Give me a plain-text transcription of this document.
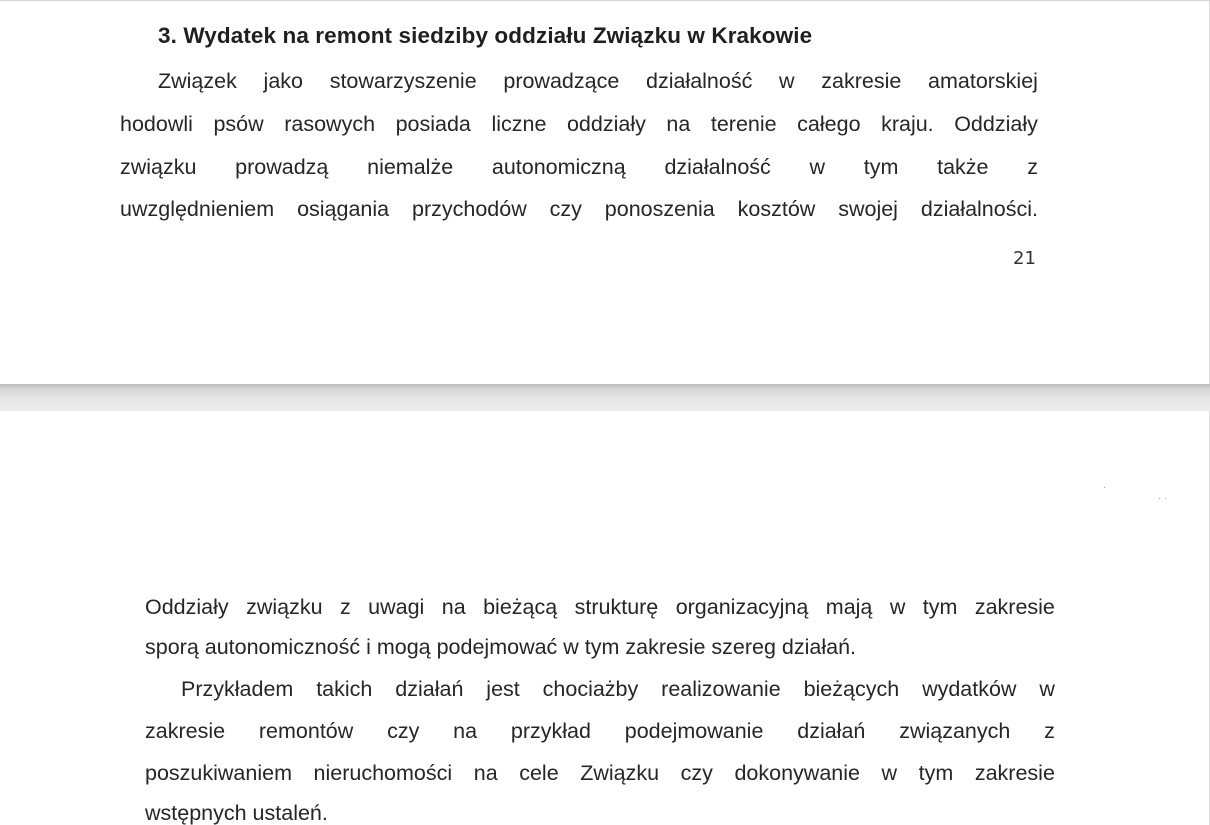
3. Wydatek na remont siedziby oddziału Związku w Krakowie
Związek jako stowarzyszenie prowadzące działalność w zakresie amatorskiej
hodowli psów rasowych posiada liczne oddziały na terenie całego kraju. Oddziały
związku prowadzą niemalże autonomiczną działalność w tym także z
uwzględnieniem osiągania przychodów czy ponoszenia kosztów swojej działalności.
21
·
· ·
Oddziały związku z uwagi na bieżącą strukturę organizacyjną mają w tym zakresie
sporą autonomiczność i mogą podejmować w tym zakresie szereg działań.
Przykładem takich działań jest chociażby realizowanie bieżących wydatków w
zakresie remontów czy na przykład podejmowanie działań związanych z
poszukiwaniem nieruchomości na cele Związku czy dokonywanie w tym zakresie
wstępnych ustaleń.
